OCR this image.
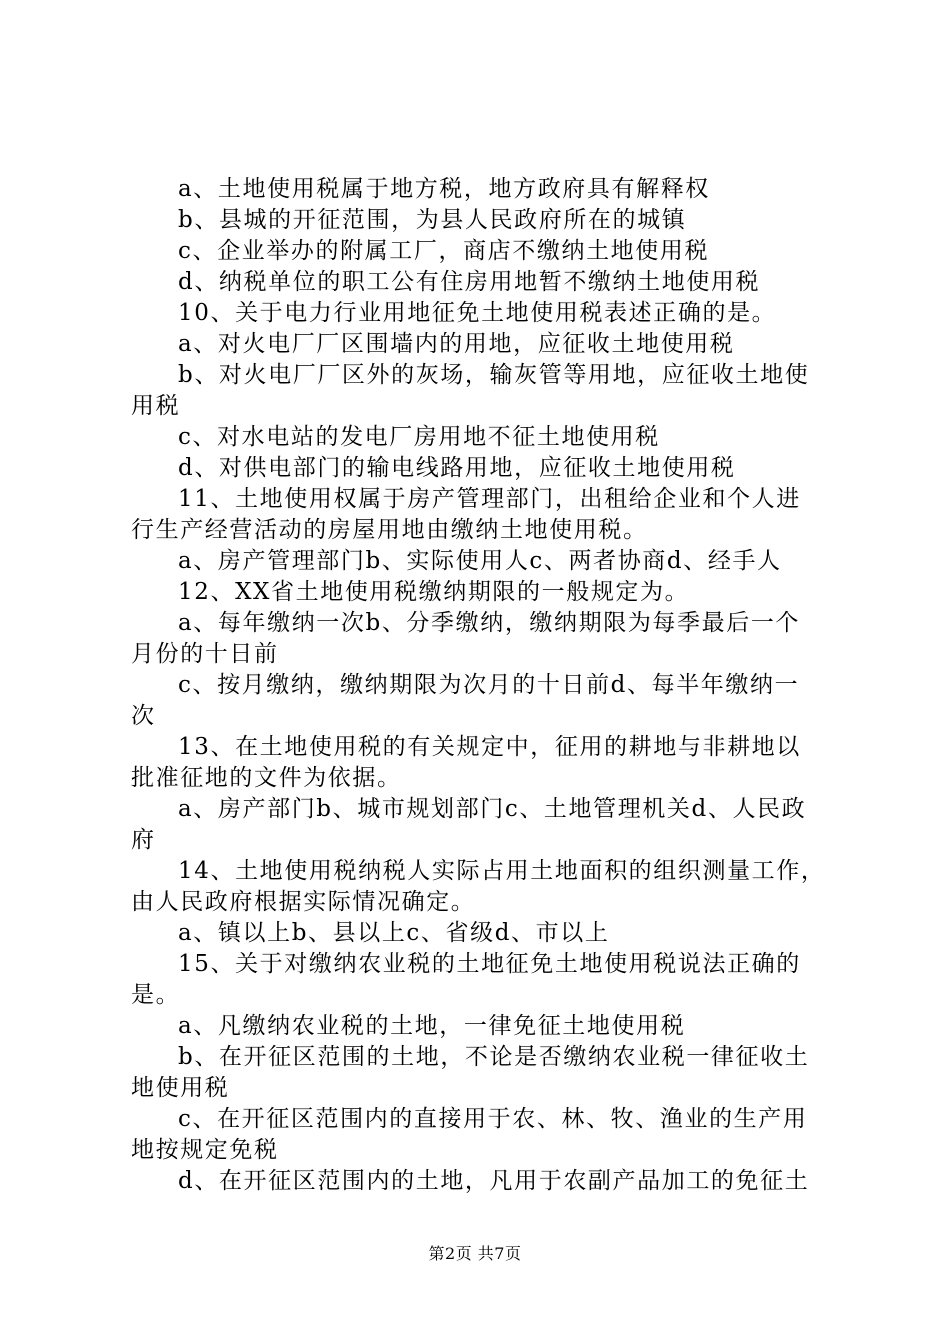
a、土地使用税属于地方税，地方政府具有解释权
b、县城的开征范围，为县人民政府所在的城镇
c、企业举办的附属工厂，商店不缴纳土地使用税
d、纳税单位的职工公有住房用地暂不缴纳土地使用税
10、关于电力行业用地征免土地使用税表述正确的是。
a、对火电厂厂区围墙内的用地，应征收土地使用税
b、对火电厂厂区外的灰场，输灰管等用地，应征收土地使
用税
c、对水电站的发电厂房用地不征土地使用税
d、对供电部门的输电线路用地，应征收土地使用税
11、土地使用权属于房产管理部门，出租给企业和个人进
行生产经营活动的房屋用地由缴纳土地使用税。
a、房产管理部门b、实际使用人c、两者协商d、经手人
12、XX省土地使用税缴纳期限的一般规定为。
a、每年缴纳一次b、分季缴纳，缴纳期限为每季最后一个
月份的十日前
c、按月缴纳，缴纳期限为次月的十日前d、每半年缴纳一
次
13、在土地使用税的有关规定中，征用的耕地与非耕地以
批准征地的文件为依据。
a、房产部门b、城市规划部门c、土地管理机关d、人民政
府
14、土地使用税纳税人实际占用土地面积的组织测量工作，
由人民政府根据实际情况确定。
a、镇以上b、县以上c、省级d、市以上
15、关于对缴纳农业税的土地征免土地使用税说法正确的
是。
a、凡缴纳农业税的土地，一律免征土地使用税
b、在开征区范围的土地，不论是否缴纳农业税一律征收土
地使用税
c、在开征区范围内的直接用于农、林、牧、渔业的生产用
地按规定免税
d、在开征区范围内的土地，凡用于农副产品加工的免征土
第2页 共7页
